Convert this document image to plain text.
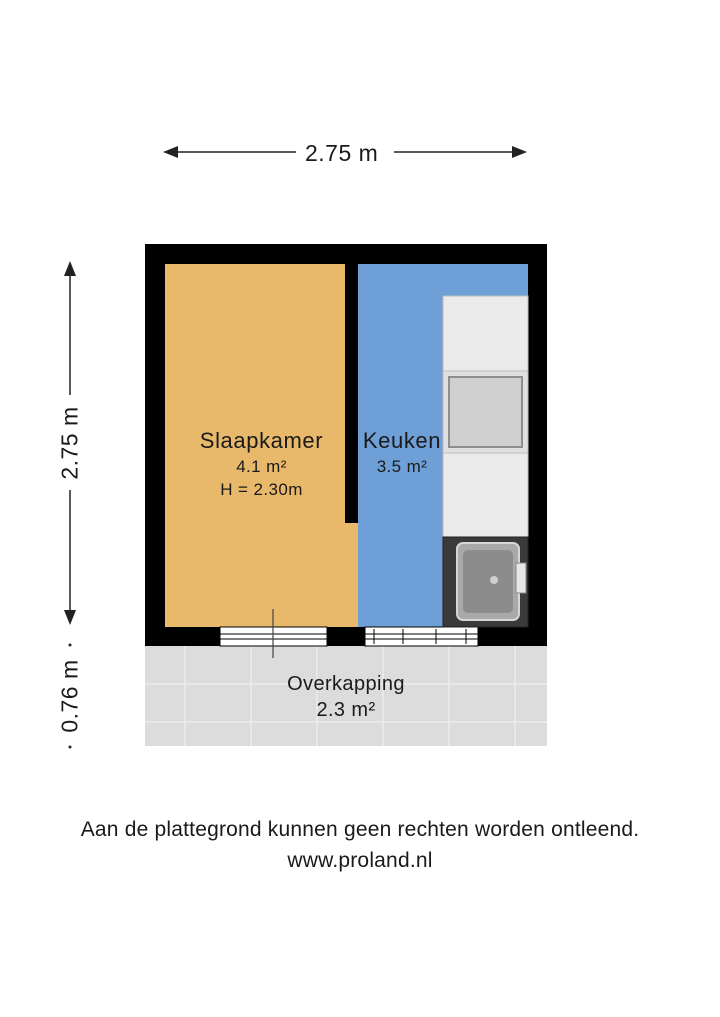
2.75 m
2.75 m
0.76 m
Slaapkamer
4.1 m²
H = 2.30m
Keuken
3.5 m²
Overkapping
2.3 m²
Aan de plattegrond kunnen geen rechten worden ontleend.
www.proland.nl
